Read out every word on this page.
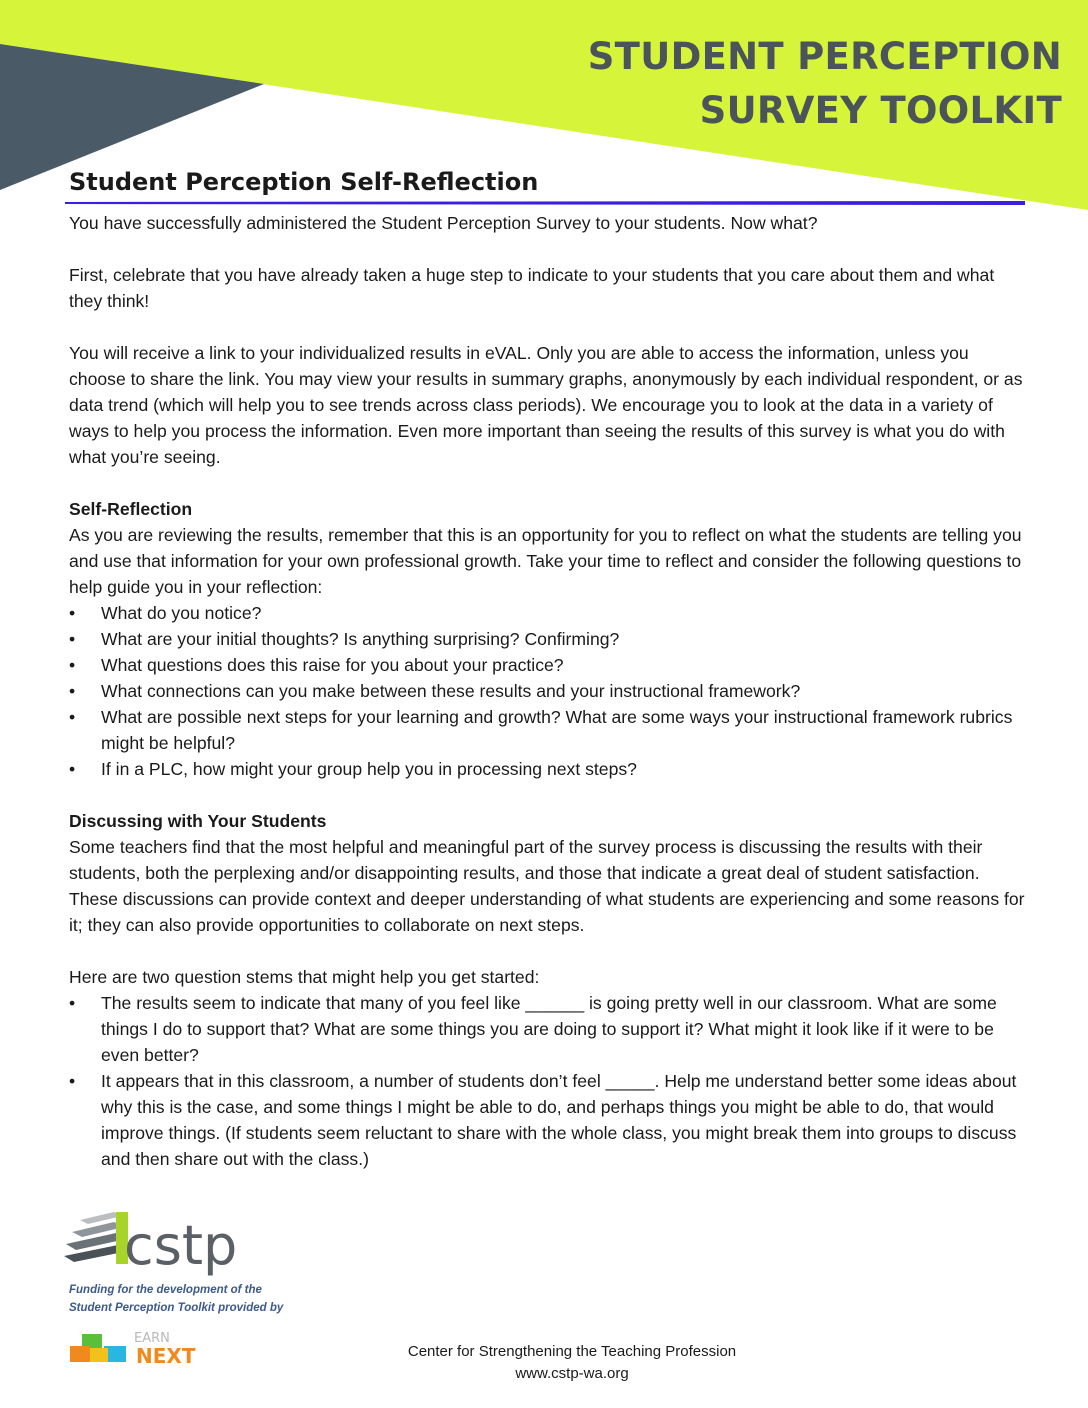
STUDENT PERCEPTION
SURVEY TOOLKIT
Student Perception Self-Reflection

You have successfully administered the Student Perception Survey to your students. Now what?

First, celebrate that you have already taken a huge step to indicate to your students that you care about them and what they think!

You will receive a link to your individualized results in eVAL. Only you are able to access the information, unless you choose to share the link. You may view your results in summary graphs, anonymously by each individual respondent, or as data trend (which will help you to see trends across class periods). We encourage you to look at the data in a variety of ways to help you process the information. Even more important than seeing the results of this survey is what you do with what you’re seeing.

Self-Reflection

As you are reviewing the results, remember that this is an opportunity for you to reflect on what the students are telling you and use that information for your own professional growth. Take your time to reflect and consider the following questions to help guide you in your reflection:

• What do you notice?
• What are your initial thoughts? Is anything surprising? Confirming?
• What questions does this raise for you about your practice?
• What connections can you make between these results and your instructional framework?
• What are possible next steps for your learning and growth? What are some ways your instructional framework rubrics might be helpful?
• If in a PLC, how might your group help you in processing next steps?

Discussing with Your Students

Some teachers find that the most helpful and meaningful part of the survey process is discussing the results with their students, both the perplexing and/or disappointing results, and those that indicate a great deal of student satisfaction. These discussions can provide context and deeper understanding of what students are experiencing and some reasons for it; they can also provide opportunities to collaborate on next steps.

Here are two question stems that might help you get started:

• The results seem to indicate that many of you feel like ______ is going pretty well in our classroom. What are some things I do to support that? What are some things you are doing to support it? What might it look like if it were to be even better?
• It appears that in this classroom, a number of students don’t feel _____. Help me understand better some ideas about why this is the case, and some things I might be able to do, and perhaps things you might be able to do, that would improve things. (If students seem reluctant to share with the whole class, you might break them into groups to discuss and then share out with the class.)
cstp
Funding for the development of the
Student Perception Toolkit provided by
EARN
NEXT	Center for Strengthening the Teaching Profession
www.cstp-wa.org
